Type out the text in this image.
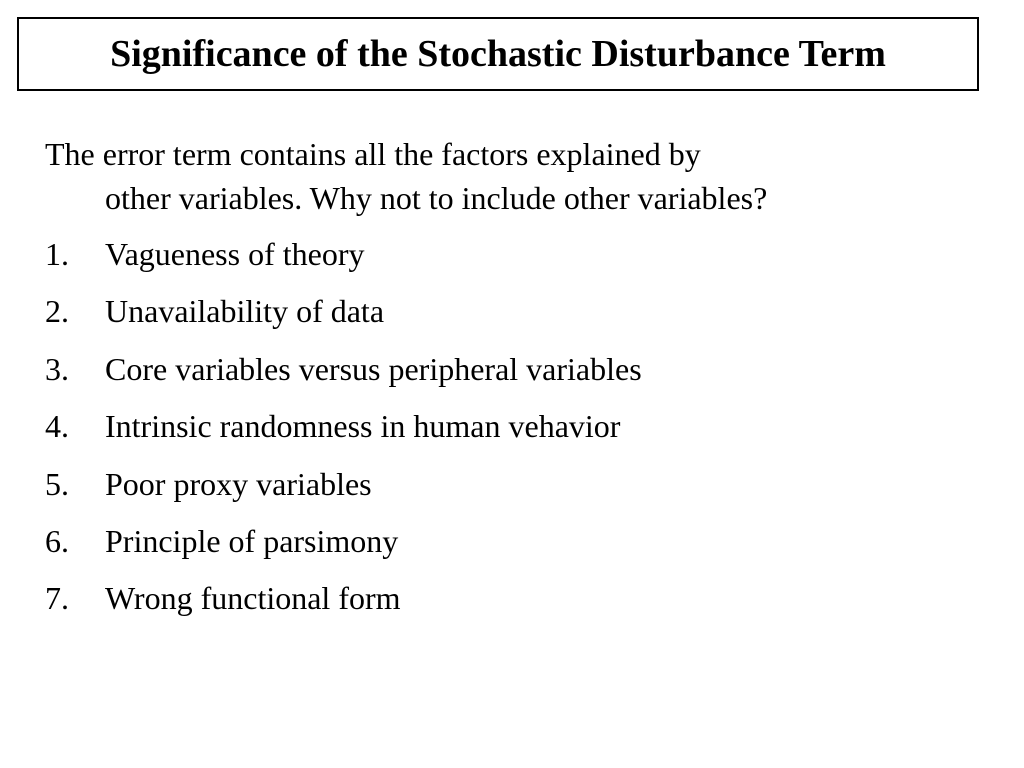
Significance of the Stochastic Disturbance Term

The error term contains all the factors explained by
other variables. Why not to include other variables?

1.	Vagueness of theory
2.	Unavailability of data
3.	Core variables versus peripheral variables
4.	Intrinsic randomness in human vehavior
5.	Poor proxy variables
6.	Principle of parsimony
7.	Wrong functional form
